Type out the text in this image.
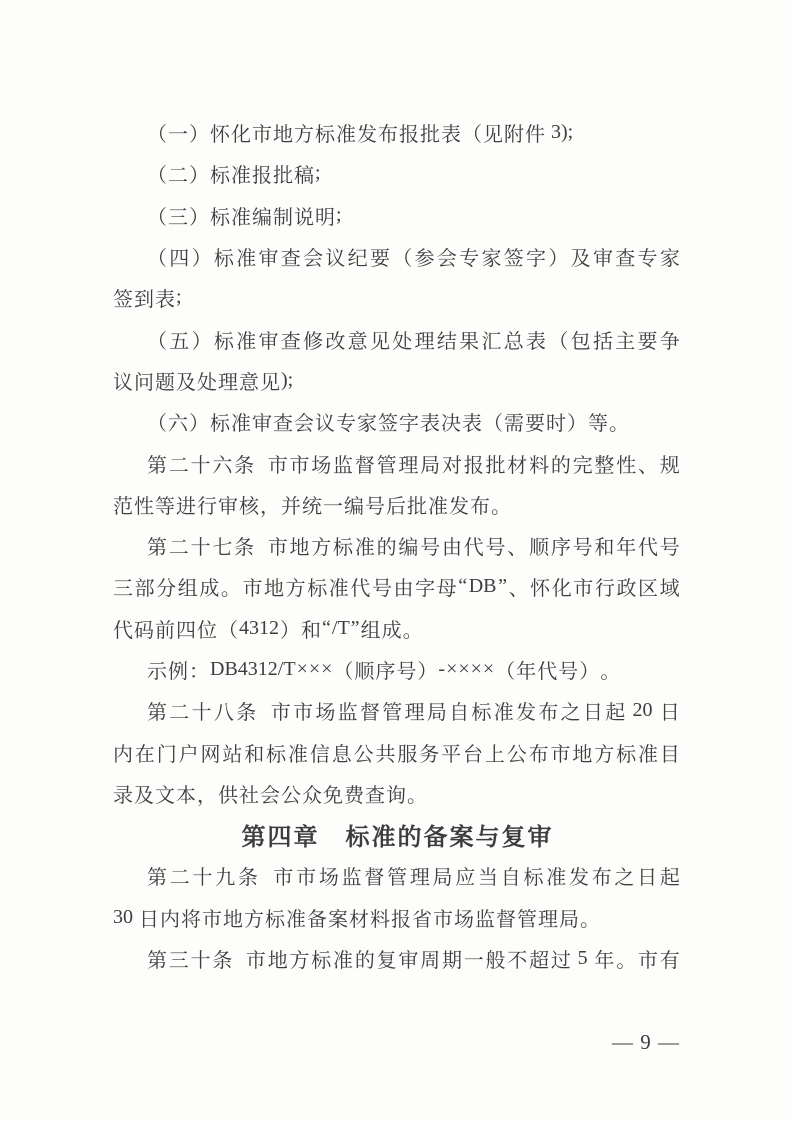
（ 一 ） 怀 化 市 地 方 标 准 发 布 报 批 表 （ 见 附 件 3);
（ 二 ） 标 准 报 批 稿 ;
（ 三 ） 标 准 编 制 说 明 ;
（ 四 ） 标 准 审 查 会 议 纪 要 （ 参 会 专 家 签 字 ） 及 审 查 专 家
签 到 表 ;
（ 五 ） 标 准 审 查 修 改 意 见 处 理 结 果 汇 总 表 （ 包 括 主 要 争
议 问 题 及 处 理 意 见 );
（ 六 ） 标 准 审 查 会 议 专 家 签 字 表 决 表 （ 需 要 时 ） 等 。
第 二 十 六 条
市 市 场 监 督 管 理 局 对 报 批 材 料 的 完 整 性 、 规
范 性 等 进 行 审 核 ， 并 统 一 编 号 后 批 准 发 布 。
第 二 十 七 条
市 地 方 标 准 的 编 号 由 代 号 、 顺 序 号 和 年 代 号
三 部 分 组 成 。 市 地 方 标 准 代 号 由 字 母 “ DB ” 、 怀 化 市 行 政 区 域
代 码 前 四 位 （ 4312 ） 和 “ /T ” 组 成 。
示 例 ： DB4312/T × × × （ 顺 序 号 ） - × × × × （ 年 代 号 ） 。
第 二 十 八 条
市 市 场 监 督 管 理 局 自 标 准 发 布 之 日 起 20 日
内 在 门 户 网 站 和 标 准 信 息 公 共 服 务 平 台 上 公 布 市 地 方 标 准 目
录 及 文 本 ， 供 社 会 公 众 免 费 查 询 。
第 四 章
　 标 准 的 备 案 与 复 审
第 二 十 九 条
市 市 场 监 督 管 理 局 应 当 自 标 准 发 布 之 日 起
30 日 内 将 市 地 方 标 准 备 案 材 料 报 省 市 场 监 督 管 理 局 。
第 三 十 条
市 地 方 标 准 的 复 审 周 期 一 般 不 超 过 5 年 。 市 有
— 9 —
